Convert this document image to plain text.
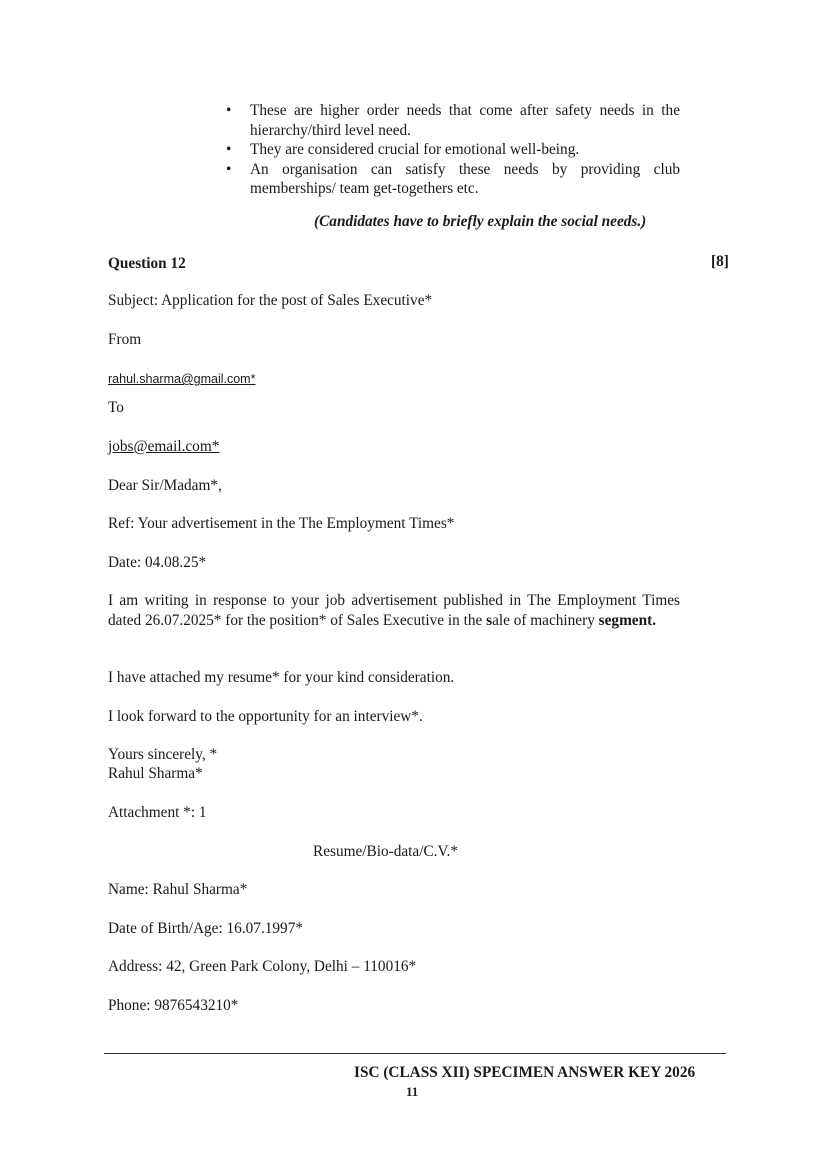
• These are higher order needs that come after safety needs in the hierarchy/third level need.
• They are considered crucial for emotional well-being.
• An organisation can satisfy these needs by providing club memberships/ team get-togethers etc.
(Candidates have to briefly explain the social needs.)
Question 12	[8]
Subject: Application for the post of Sales Executive*
From
rahul.sharma@gmail.com*
To
jobs@email.com*
Dear Sir/Madam*,
Ref: Your advertisement in the The Employment Times*
Date: 04.08.25*
I am writing in response to your job advertisement published in The Employment Times dated 26.07.2025* for the position* of Sales Executive in the sale of machinery segment.
I have attached my resume* for your kind consideration.
I look forward to the opportunity for an interview*.
Yours sincerely, *
Rahul Sharma*
Attachment *: 1
Resume/Bio-data/C.V.*
Name: Rahul Sharma*
Date of Birth/Age: 16.07.1997*
Address: 42, Green Park Colony, Delhi – 110016*
Phone: 9876543210*
ISC (CLASS XII) SPECIMEN ANSWER KEY 2026
11
